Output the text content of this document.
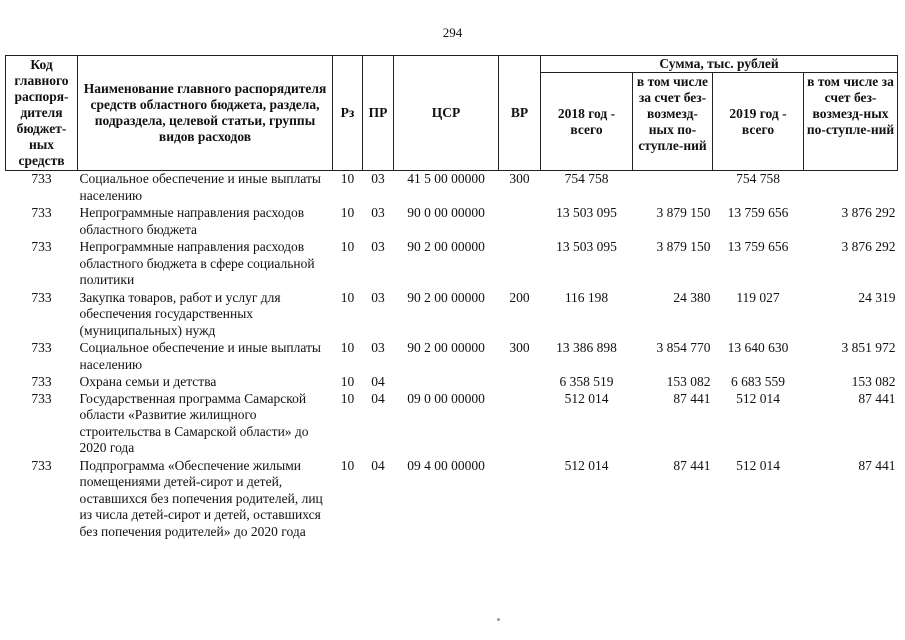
294
Код главного распоря-дителя бюджет-ных средств	Наименование главного распорядителя средств областного бюджета, раздела, подраздела, целевой статьи, группы видов расходов	Рз	ПР	ЦСР	ВР	Сумма, тыс. рублей			
						2018 год - всего	в том числе за счет без-возмезд-ных по-ступле-ний	2019 год - всего	в том числе за счет без-возмезд-ных по-ступле-ний
733	Социальное обеспечение и иные выплаты населению	10	03	41 5 00 00000	300	754 758		754 758	
733	Непрограммные направления расходов областного бюджета	10	03	90 0 00 00000		13 503 095	3 879 150	13 759 656	3 876 292
733	Непрограммные направления расходов областного бюджета в сфере социальной политики	10	03	90 2 00 00000		13 503 095	3 879 150	13 759 656	3 876 292
733	Закупка товаров, работ и услуг для обеспечения государственных (муниципальных) нужд	10	03	90 2 00 00000	200	116 198	24 380	119 027	24 319
733	Социальное обеспечение и иные выплаты населению	10	03	90 2 00 00000	300	13 386 898	3 854 770	13 640 630	3 851 972
733	Охрана семьи и детства	10	04			6 358 519	153 082	6 683 559	153 082
733	Государственная программа Самарской области «Развитие жилищного строительства в Самарской области» до 2020 года	10	04	09 0 00 00000		512 014	87 441	512 014	87 441
733	Подпрограмма «Обеспечение жилыми помещениями детей-сирот и детей, оставшихся без попечения родителей, лиц из числа детей-сирот и детей, оставшихся без попечения родителей» до 2020 года	10	04	09 4 00 00000		512 014	87 441	512 014	87 441
